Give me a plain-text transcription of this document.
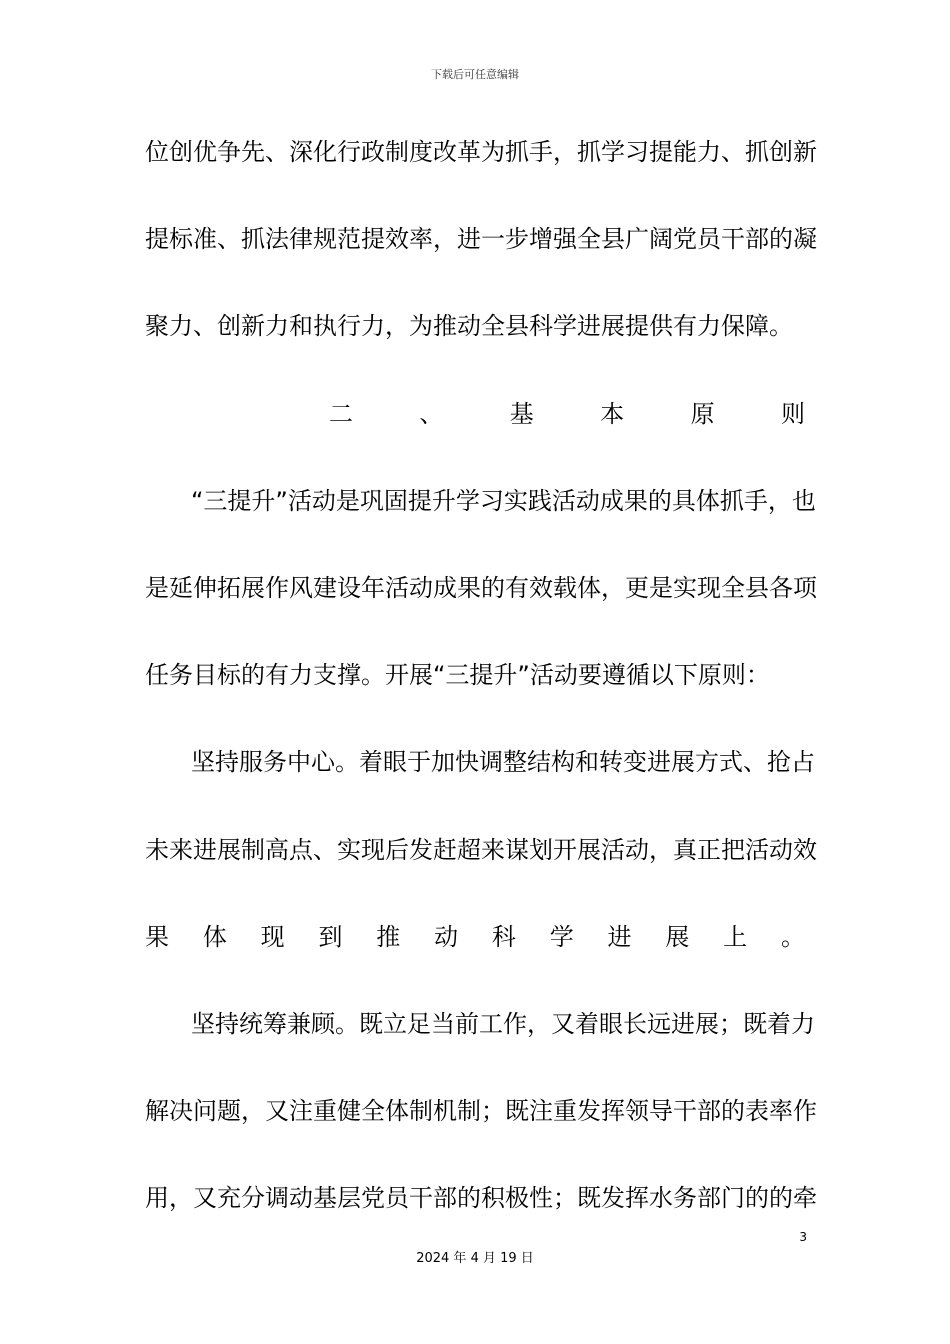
下载后可任意编辑
位创优争先、深化行政制度改革为抓手，抓学习提能力、抓创新
提标准、抓法律规范提效率，进一步增强全县广阔党员干部的凝
聚力、创新力和执行力，为推动全县科学进展提供有力保障。
二	、	基	本	原	则
“三提升”活动是巩固提升学习实践活动成果的具体抓手，也
是延伸拓展作风建设年活动成果的有效载体，更是实现全县各项
任务目标的有力支撑。开展“三提升”活动要遵循以下原则：
坚持服务中心。着眼于加快调整结构和转变进展方式、抢占
未来进展制高点、实现后发赶超来谋划开展活动，真正把活动效
果 体 现 到 推 动 科 学 进 展 上 。
坚持统筹兼顾。既立足当前工作，又着眼长远进展；既着力
解决问题，又注重健全体制机制；既注重发挥领导干部的表率作
用，又充分调动基层党员干部的积极性；既发挥水务部门的的牵
3
2024 年 4 月 19 日
